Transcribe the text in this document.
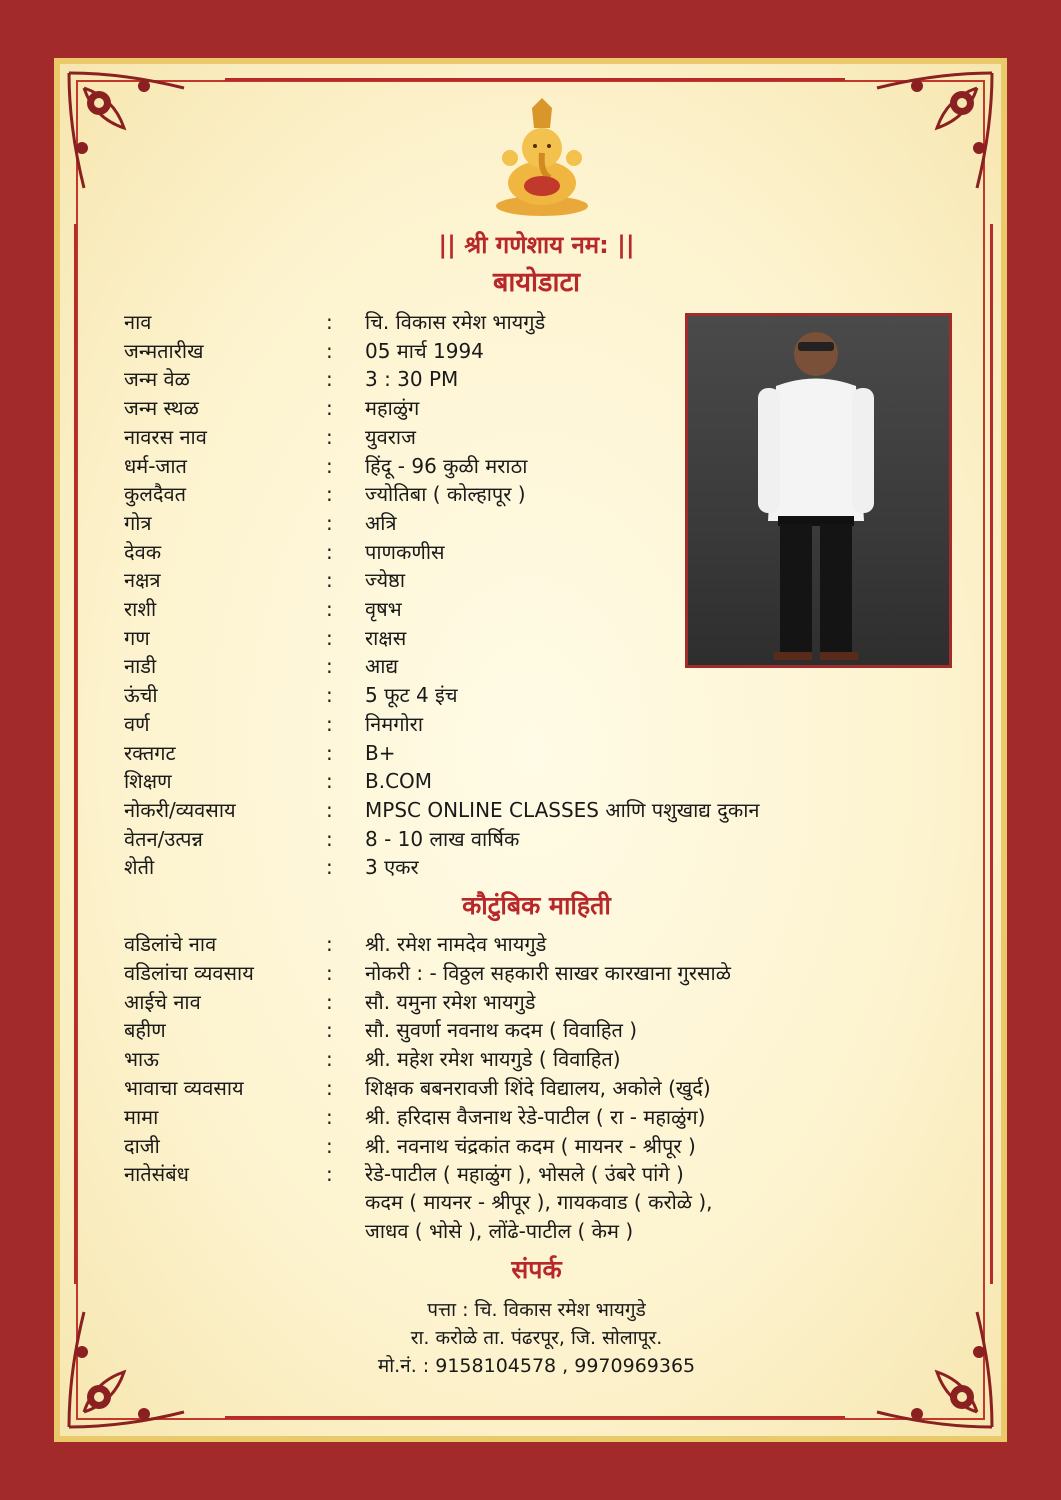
|| श्री गणेशाय नम: ||
बायोडाटा
नाव	: चि. विकास रमेश भायगुडे
जन्मतारीख	: 05 मार्च 1994
जन्म वेळ	: 3 : 30 PM
जन्म स्थळ	: महाळुंग
नावरस नाव	: युवराज
धर्म-जात	: हिंदू - 96 कुळी मराठा
कुलदैवत	: ज्योतिबा ( कोल्हापूर )
गोत्र	: अत्रि
देवक	: पाणकणीस
नक्षत्र	: ज्येष्ठा
राशी	: वृषभ
गण	: राक्षस
नाडी	: आद्य
ऊंची	: 5 फूट 4 इंच
वर्ण	: निमगोरा
रक्तगट	: B+
शिक्षण	: B.COM
नोकरी/व्यवसाय	: MPSC ONLINE CLASSES आणि पशुखाद्य दुकान
वेतन/उत्पन्न	: 8 - 10 लाख वार्षिक
शेती	: 3 एकर
कौटुंबिक माहिती
वडिलांचे नाव	: श्री. रमेश नामदेव भायगुडे
वडिलांचा व्यवसाय	: नोकरी : - विठ्ठल सहकारी साखर कारखाना गुरसाळे
आईचे नाव	: सौ. यमुना रमेश भायगुडे
बहीण	: सौ. सुवर्णा नवनाथ कदम ( विवाहित )
भाऊ	: श्री. महेश रमेश भायगुडे ( विवाहित)
भावाचा व्यवसाय	: शिक्षक बबनरावजी शिंदे विद्यालय, अकोले (खुर्द)
मामा	: श्री. हरिदास वैजनाथ रेडे-पाटील ( रा - महाळुंग)
दाजी	: श्री. नवनाथ चंद्रकांत कदम ( मायनर - श्रीपूर )
नातेसंबंध	: रेडे-पाटील ( महाळुंग ), भोसले ( उंबरे पांगे )
कदम ( मायनर - श्रीपूर ), गायकवाड ( करोळे ),
जाधव ( भोसे ), लोंढे-पाटील ( केम )
संपर्क
पत्ता : चि. विकास रमेश भायगुडे
रा. करोळे ता. पंढरपूर, जि. सोलापूर.
मो.नं. : 9158104578 , 9970969365
